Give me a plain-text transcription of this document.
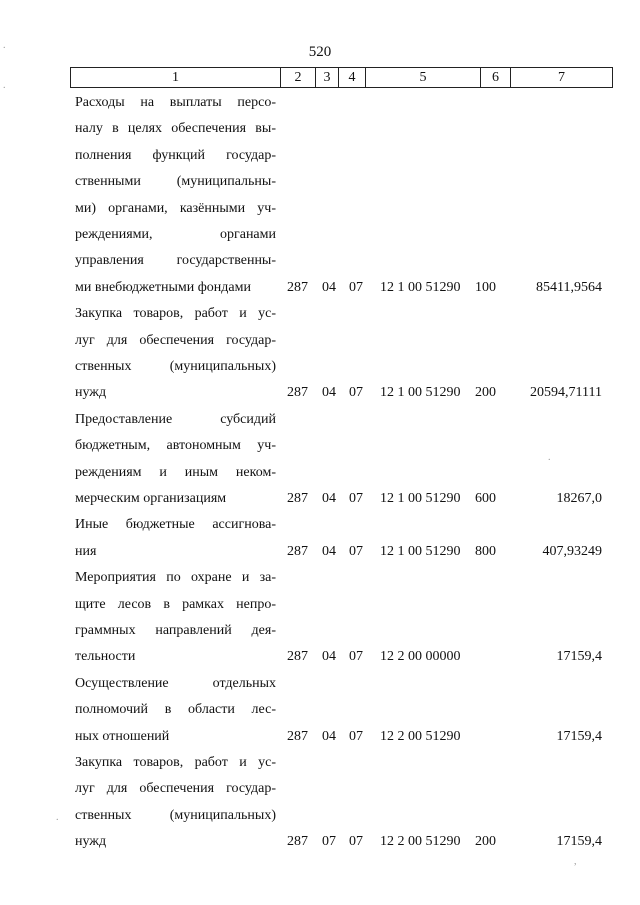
520
1	2	3	4	5	6	7
Расходы на выплаты персо-
налу в целях обеспечения вы-
полнения функций государ-
ственными (муниципальны-
ми) органами, казёнными уч-
реждениями, органами
управления государственны-
ми внебюджетными фондами	287 04 07 12 1 00 51290 100	85411,9564
Закупка товаров, работ и ус-
луг для обеспечения государ-
ственных (муниципальных)
нужд	287 04 07 12 1 00 51290 200 20594,71111
Предоставление субсидий
бюджетным, автономным уч-
реждениям и иным неком-
мерческим организациям	287 04 07 12 1 00 51290 600	18267,0
Иные бюджетные ассигнова-
ния	287 04 07 12 1 00 51290 800	407,93249
Мероприятия по охране и за-
щите лесов в рамках непро-
граммных направлений дея-
тельности	287 04 07 12 2 00 00000	17159,4
Осуществление отдельных
полномочий в области лес-
ных отношений	287 04 07 12 2 00 51290	17159,4
Закупка товаров, работ и ус-
луг для обеспечения государ-
ственных (муниципальных)
нужд	287 07 07 12 2 00 51290 200	17159,4
.
.
.
.
,
